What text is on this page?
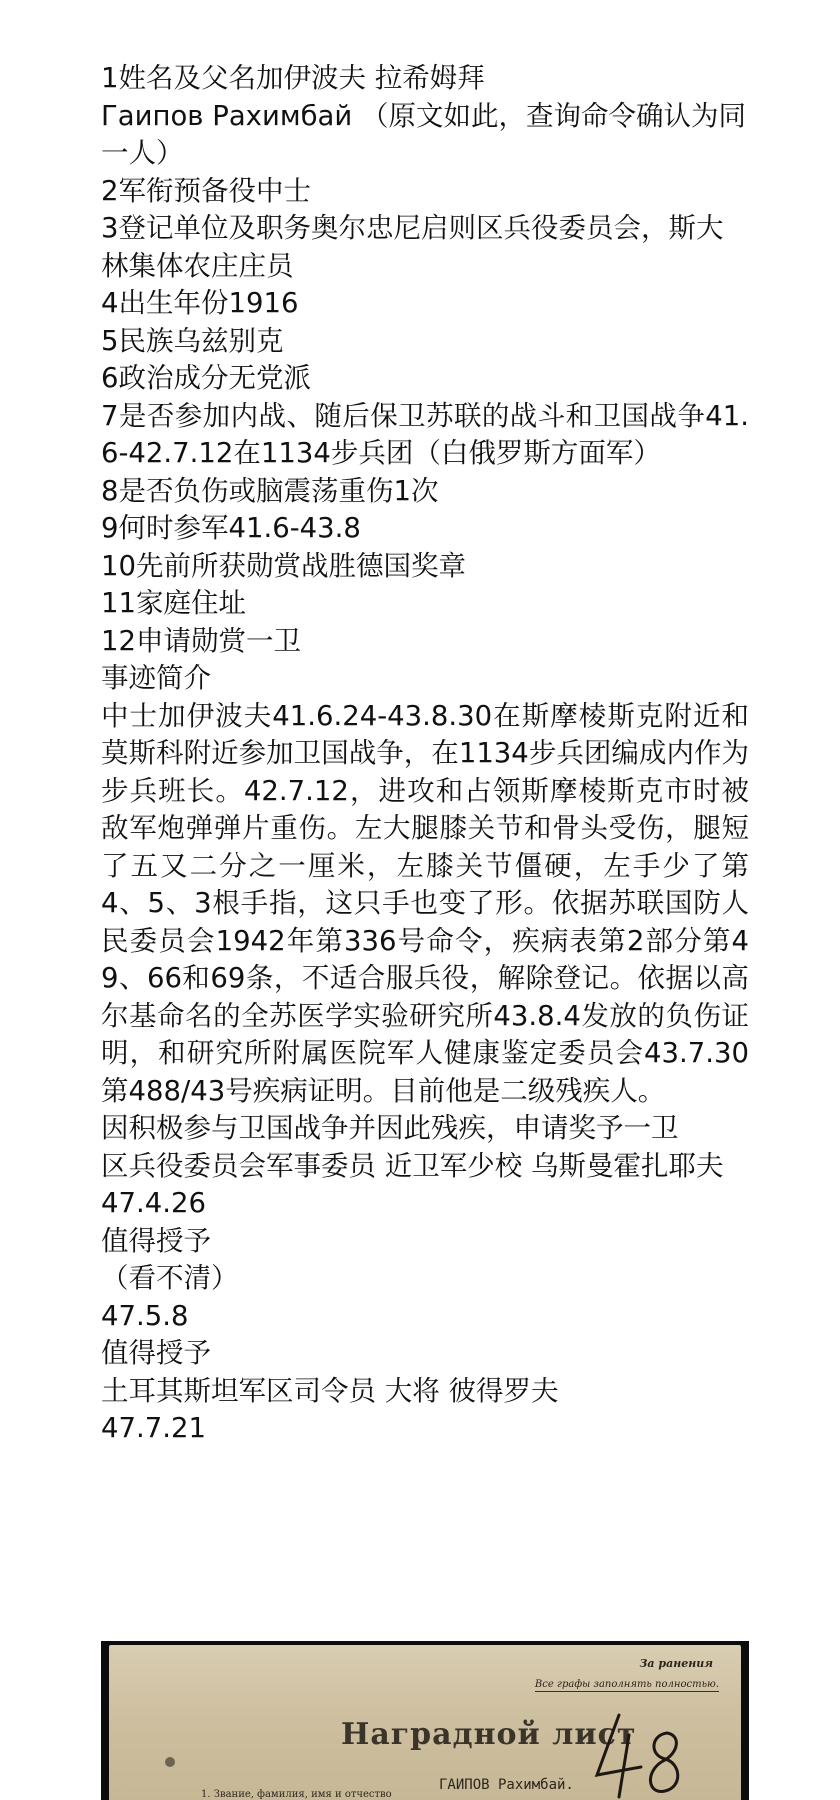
1姓名及父名加伊波夫 拉希姆拜

Гаипов Рахимбай （原文如此，查询命令确认为同一人）

2军衔预备役中士

3登记单位及职务奥尔忠尼启则区兵役委员会，斯大林集体农庄庄员

4出生年份1916

5民族乌兹别克

6政治成分无党派

7是否参加内战、随后保卫苏联的战斗和卫国战争41.6-42.7.12在1134步兵团（白俄罗斯方面军）

8是否负伤或脑震荡重伤1次

9何时参军41.6-43.8

10先前所获勋赏战胜德国奖章

11家庭住址

12申请勋赏一卫

事迹简介

中士加伊波夫41.6.24-43.8.30在斯摩棱斯克附近和莫斯科附近参加卫国战争，在1134步兵团编成内作为步兵班长。42.7.12，进攻和占领斯摩棱斯克市时被敌军炮弹弹片重伤。左大腿膝关节和骨头受伤，腿短了五又二分之一厘米，左膝关节僵硬，左手少了第4、5、3根手指，这只手也变了形。依据苏联国防人民委员会1942年第336号命令，疾病表第2部分第49、66和69条，不适合服兵役，解除登记。依据以高尔基命名的全苏医学实验研究所43.8.4发放的负伤证明，和研究所附属医院军人健康鉴定委员会43.7.30第488/43号疾病证明。目前他是二级残疾人。

因积极参与卫国战争并因此残疾，申请奖予一卫

区兵役委员会军事委员 近卫军少校 乌斯曼霍扎耶夫

47.4.26

值得授予

（看不清）

47.5.8

值得授予

土耳其斯坦军区司令员 大将 彼得罗夫

47.7.21

За ранения
Все графы заполнять полностью.
Наградной лист
1. Звание, фамилия, имя и отчество
ГАИПОВ Рахимбай.
